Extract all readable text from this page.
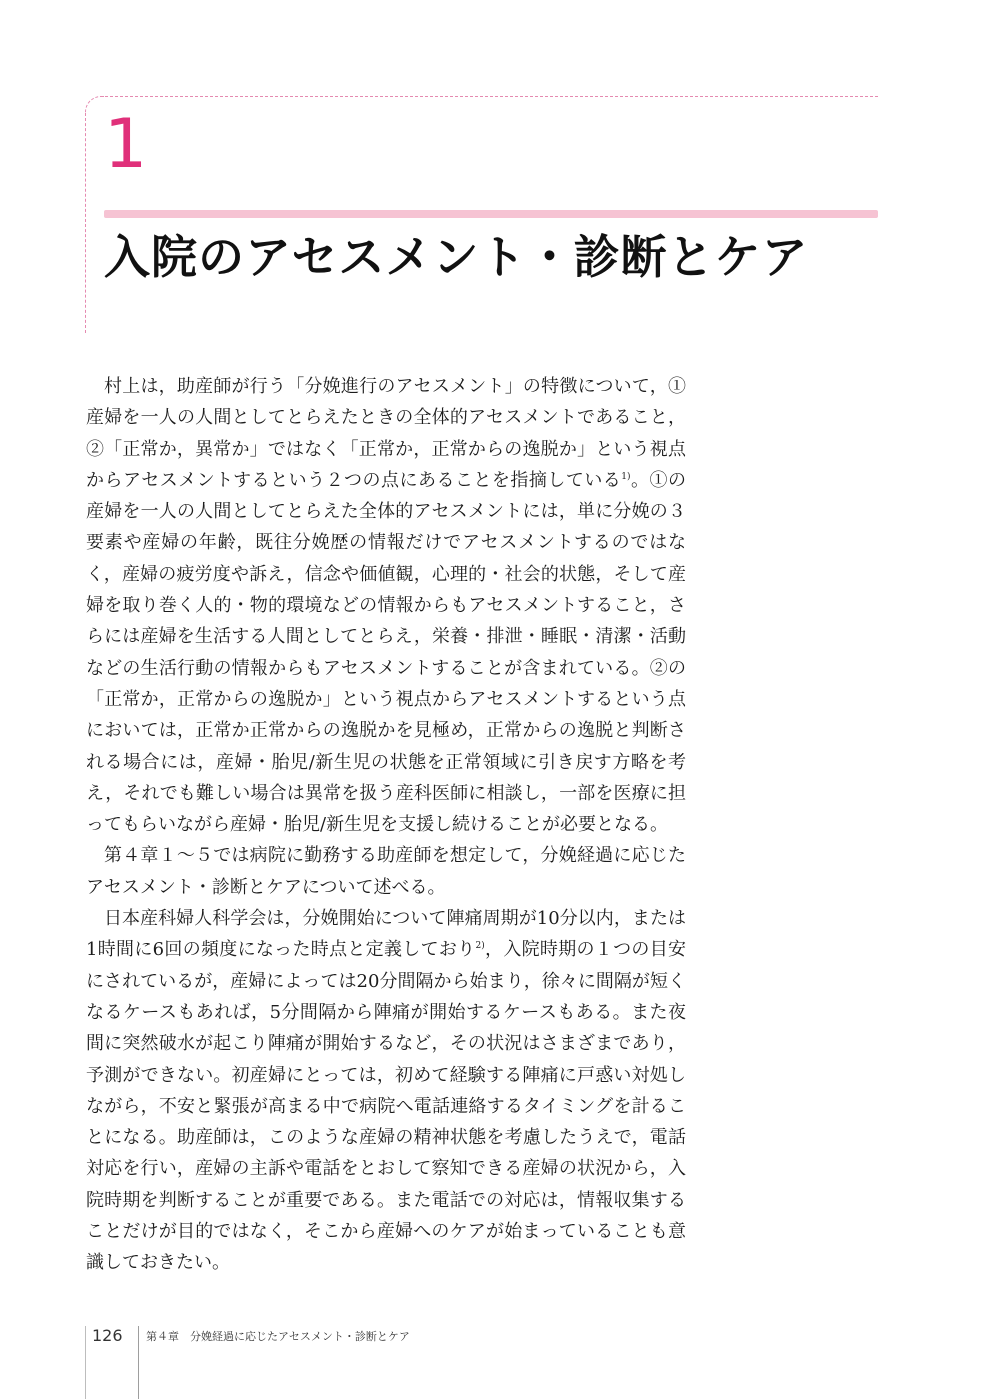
1
入院のアセスメント・診断とケア

村上は，助産師が行う「分娩進行のアセスメント」の特徴について，①産婦を一人の人間としてとらえたときの全体的アセスメントであること，②「正常か，異常か」ではなく「正常か，正常からの逸脱か」という視点からアセスメントするという２つの点にあることを指摘している$^{1)}$。①の産婦を一人の人間としてとらえた全体的アセスメントには，単に分娩の３要素や産婦の年齢，既往分娩歴の情報だけでアセスメントするのではなく，産婦の疲労度や訴え，信念や価値観，心理的・社会的状態，そして産婦を取り巻く人的・物的環境などの情報からもアセスメントすること，さらには産婦を生活する人間としてとらえ，栄養・排泄・睡眠・清潔・活動などの生活行動の情報からもアセスメントすることが含まれている。②の「正常か，正常からの逸脱か」という視点からアセスメントするという点においては，正常か正常からの逸脱かを見極め，正常からの逸脱と判断される場合には，産婦・胎児/新生児の状態を正常領域に引き戻す方略を考え，それでも難しい場合は異常を扱う産科医師に相談し，一部を医療に担ってもらいながら産婦・胎児/新生児を支援し続けることが必要となる。

第４章１～５では病院に勤務する助産師を想定して，分娩経過に応じたアセスメント・診断とケアについて述べる。

日本産科婦人科学会は，分娩開始について陣痛周期が10分以内，または1時間に6回の頻度になった時点と定義しており$^{2)}$，入院時期の１つの目安にされているが，産婦によっては20分間隔から始まり，徐々に間隔が短くなるケースもあれば，5分間隔から陣痛が開始するケースもある。また夜間に突然破水が起こり陣痛が開始するなど，その状況はさまざまであり，予測ができない。初産婦にとっては，初めて経験する陣痛に戸惑い対処しながら，不安と緊張が高まる中で病院へ電話連絡するタイミングを計ることになる。助産師は，このような産婦の精神状態を考慮したうえで，電話対応を行い，産婦の主訴や電話をとおして察知できる産婦の状況から，入院時期を判断することが重要である。また電話での対応は，情報収集することだけが目的ではなく，そこから産婦へのケアが始まっていることも意識しておきたい。

126 第４章　分娩経過に応じたアセスメント・診断とケア
